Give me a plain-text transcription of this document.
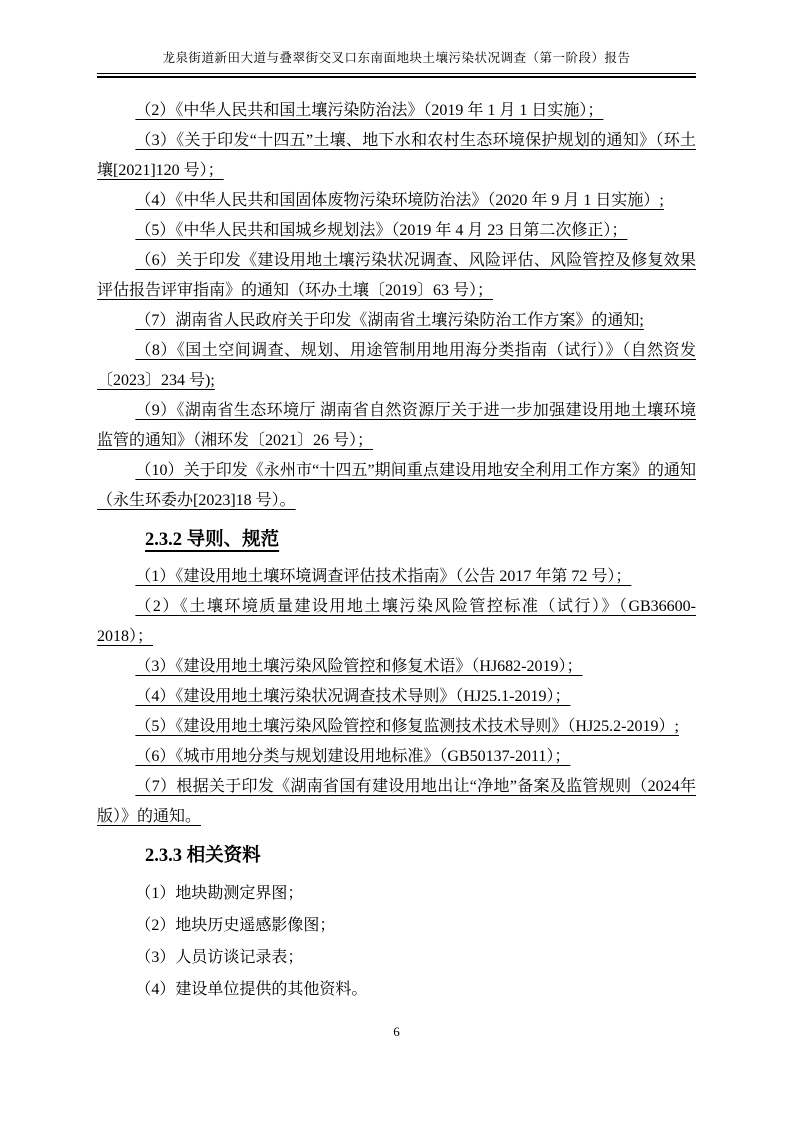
龙泉街道新田大道与叠翠街交叉口东南面地块土壤污染状况调查（第一阶段）报告

（2）《中华人民共和国土壤污染防治法》（2019 年 1 月 1 日实施）；

（3）《关于印发“十四五”土壤、地下水和农村生态环境保护规划的通知》（环土壤[2021]120 号）；

（4）《中华人民共和国固体废物污染环境防治法》（2020 年 9 月 1 日实施）;

（5）《中华人民共和国城乡规划法》（2019 年 4 月 23 日第二次修正）；

（6）关于印发《建设用地土壤污染状况调查、风险评估、风险管控及修复效果评估报告评审指南》的通知（环办土壤〔2019〕63 号）；

（7）湖南省人民政府关于印发《湖南省土壤污染防治工作方案》的通知;

（8）《国土空间调查、规划、用途管制用地用海分类指南（试行）》（自然资发〔2023〕234 号);

（9）《湖南省生态环境厅 湖南省自然资源厅关于进一步加强建设用地土壤环境监管的通知》（湘环发〔2021〕26 号）；

（10）关于印发《永州市“十四五”期间重点建设用地安全利用工作方案》的通知（永生环委办[2023]18 号）。

2.3.2 导则、规范

（1）《建设用地土壤环境调查评估技术指南》（公告 2017 年第 72 号）；

（2）《土壤环境质量建设用地土壤污染风险管控标准（试行）》（GB36600-2018）；

（3）《建设用地土壤污染风险管控和修复术语》（HJ682-2019）；

（4）《建设用地土壤污染状况调查技术导则》（HJ25.1-2019）；

（5）《建设用地土壤污染风险管控和修复监测技术技术导则》（HJ25.2-2019）;

（6）《城市用地分类与规划建设用地标准》（GB50137-2011）；

（7）根据关于印发《湖南省国有建设用地出让“净地”备案及监管规则（2024年版）》的通知。

2.3.3 相关资料

（1）地块勘测定界图；

（2）地块历史遥感影像图；

（3）人员访谈记录表；

（4）建设单位提供的其他资料。

6
